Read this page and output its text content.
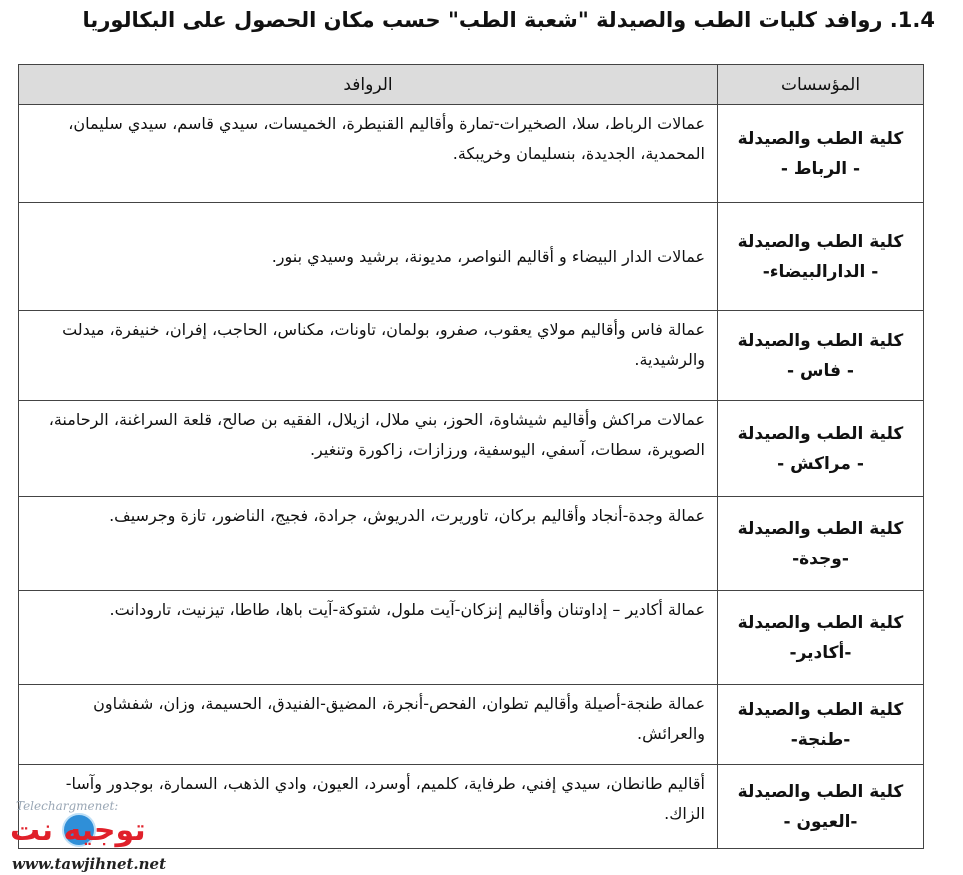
1.4. روافد كليات الطب والصيدلة "شعبة الطب" حسب مكان الحصول على البكالوريا
المؤسسات	الروافد

كلية الطب والصيدلة
- الرباط -	عمالات الرباط، سلا، الصخيرات-تمارة وأقاليم القنيطرة، الخميسات، سيدي قاسم، سيدي سليمان، المحمدية، الجديدة، بنسليمان وخريبكة.

كلية الطب والصيدلة
- الدارالبيضاء-	عمالات الدار البيضاء و أقاليم النواصر، مديونة، برشيد وسيدي بنور.

كلية الطب والصيدلة
- فاس -	عمالة فاس وأقاليم مولاي يعقوب، صفرو، بولمان، تاونات، مكناس، الحاجب، إفران، خنيفرة، ميدلت والرشيدية.

كلية الطب والصيدلة
- مراكش -	عمالات مراكش وأقاليم شيشاوة، الحوز، بني ملال، ازيلال، الفقيه بن صالح، قلعة السراغنة، الرحامنة، الصويرة، سطات، آسفي، اليوسفية، ورزازات، زاكورة وتنغير.

كلية الطب والصيدلة
-وجدة-	عمالة وجدة-أنجاد وأقاليم بركان، تاوريرت، الدريوش، جرادة، فجيج، الناضور، تازة وجرسيف.

كلية الطب والصيدلة
-أكادير-	عمالة أكادير – إداوتنان وأقاليم إنزكان-آيت ملول، شتوكة-آيت باها، طاطا، تيزنيت، تارودانت.

كلية الطب والصيدلة
-طنجة-	عمالة طنجة-أصيلة وأقاليم تطوان، الفحص-أنجرة، المضيق-الفنيدق، الحسيمة، وزان، شفشاون والعرائش.

كلية الطب والصيدلة
-العيون -	أقاليم طانطان، سيدي إفني، طرفاية، كلميم، أوسرد، العيون، وادي الذهب، السمارة، بوجدور وآسا-الزاك.
Telechargmenet:
توجيه نت
www.tawjihnet.net
